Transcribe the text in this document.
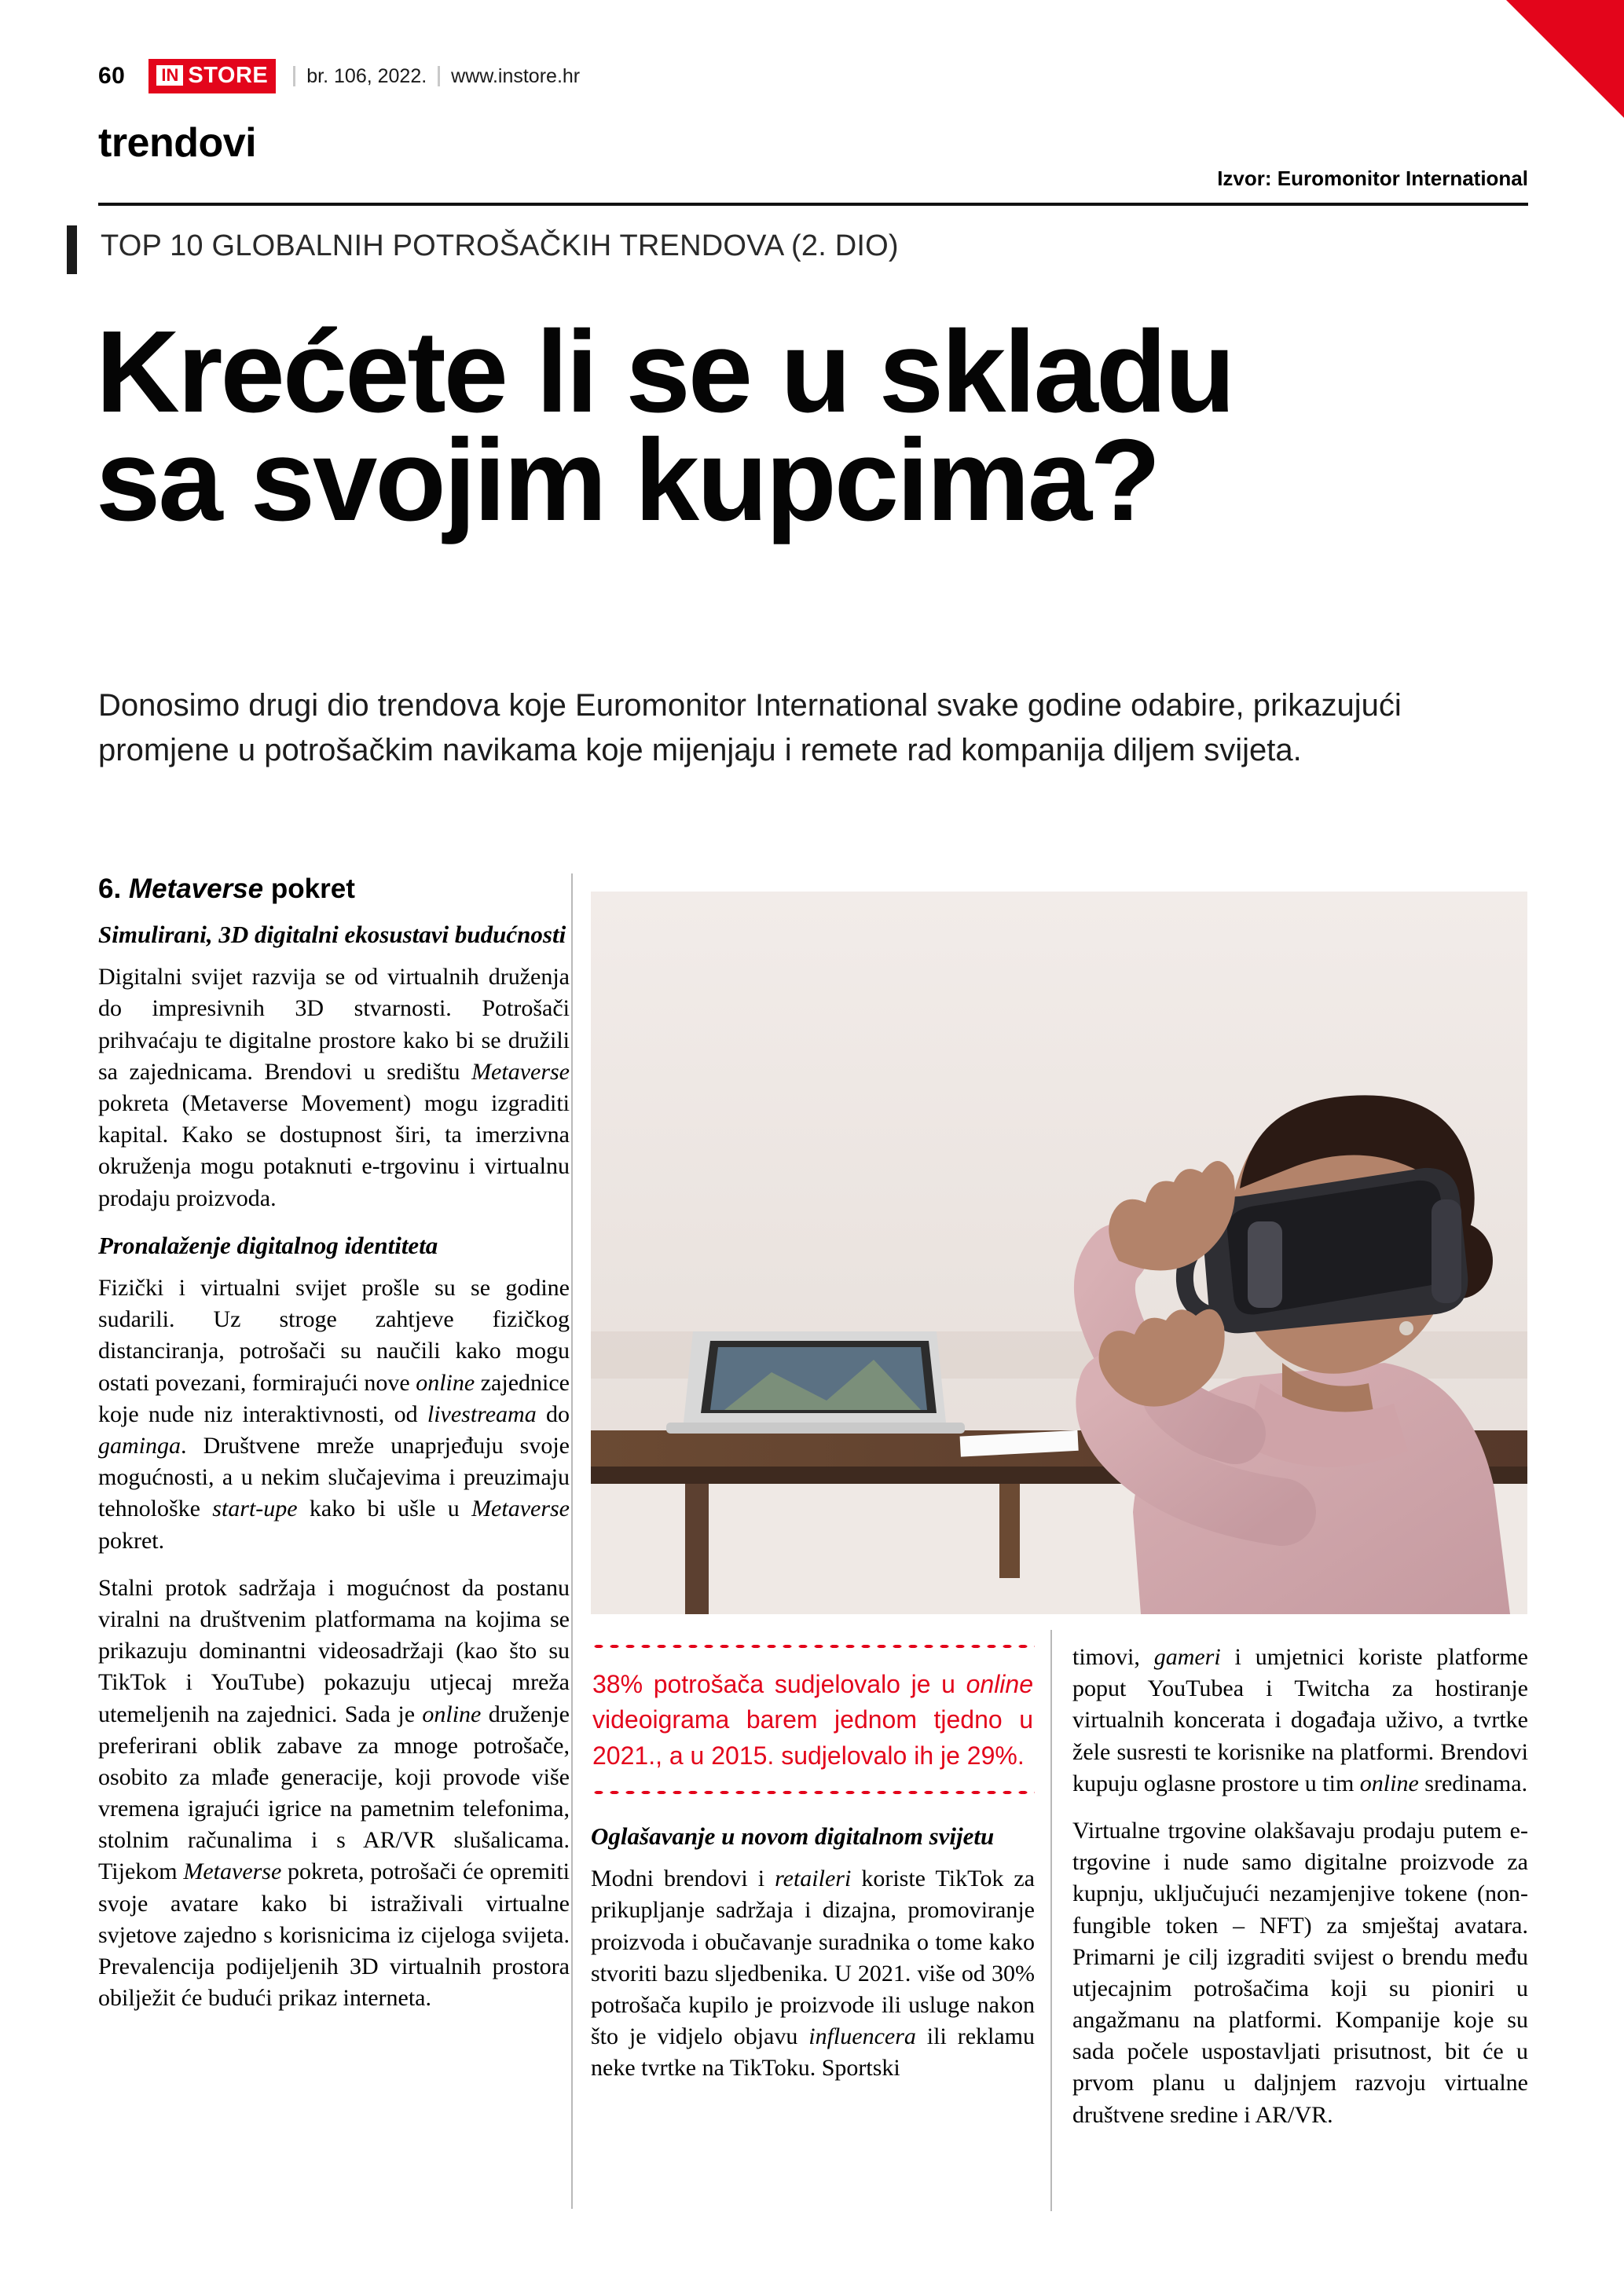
60 IN STORE br. 106, 2022. www.instore.hr
trendovi
Izvor: Euromonitor International
TOP 10 GLOBALNIH POTROŠAČKIH TRENDOVA (2. DIO)
Krećete li se u skladu
sa svojim kupcima?
Donosimo drugi dio trendova koje Euromonitor International svake godine odabire, prikazujući promjene u potrošačkim navikama koje mijenjaju i remete rad kompanija diljem svijeta.
6. Metaverse pokret
Simulirani, 3D digitalni ekosustavi budućnosti

Digitalni svijet razvija se od virtualnih druženja do impresivnih 3D stvarnosti. Potrošači prihvaćaju te digitalne prostore kako bi se družili sa zajednicama. Brendovi u središtu Metaverse pokreta (Metaverse Movement) mogu izgraditi kapital. Kako se dostupnost širi, ta imerzivna okruženja mogu potaknuti e-trgovinu i virtualnu prodaju proizvoda.

Pronalaženje digitalnog identiteta

Fizički i virtualni svijet prošle su se godine sudarili. Uz stroge zahtjeve fizičkog distanciranja, potrošači su naučili kako mogu ostati povezani, formirajući nove online zajednice koje nude niz interaktivnosti, od livestreama do gaminga. Društvene mreže unaprjeđuju svoje mogućnosti, a u nekim slučajevima i preuzimaju tehnološke start-upe kako bi ušle u Metaverse pokret.

Stalni protok sadržaja i mogućnost da postanu viralni na društvenim platformama na kojima se prikazuju dominantni videosadržaji (kao što su TikTok i YouTube) pokazuju utjecaj mreža utemeljenih na zajednici. Sada je online druženje preferirani oblik zabave za mnoge potrošače, osobito za mlađe generacije, koji provode više vremena igrajući igrice na pametnim telefonima, stolnim računalima i s AR/VR slušalicama. Tijekom Metaverse pokreta, potrošači će opremiti svoje avatare kako bi istraživali virtualne svjetove zajedno s korisnicima iz cijeloga svijeta. Prevalencija podijeljenih 3D virtualnih prostora obilježit će budući prikaz interneta.

38% potrošača sudjelovalo je u online videoigrama barem jednom tjedno u 2021., a u 2015. sudjelovalo ih je 29%.
Oglašavanje u novom digitalnom svijetu

Modni brendovi i retaileri koriste TikTok za prikupljanje sadržaja i dizajna, promoviranje proizvoda i obučavanje suradnika o tome kako stvoriti bazu sljedbenika. U 2021. više od 30% potrošača kupilo je proizvode ili usluge nakon što je vidjelo objavu influencera ili reklamu neke tvrtke na TikToku. Sportski

timovi, gameri i umjetnici koriste platforme poput YouTubea i Twitcha za hostiranje virtualnih koncerata i događaja uživo, a tvrtke žele susresti te korisnike na platformi. Brendovi kupuju oglasne prostore u tim online sredinama.

Virtualne trgovine olakšavaju prodaju putem e-trgovine i nude samo digitalne proizvode za kupnju, uključujući nezamjenjive tokene (non-fungible token – NFT) za smještaj avatara. Primarni je cilj izgraditi svijest o brendu među utjecajnim potrošačima koji su pioniri u angažmanu na platformi. Kompanije koje su sada počele uspostavljati prisutnost, bit će u prvom planu u daljnjem razvoju virtualne društvene sredine i AR/VR.
